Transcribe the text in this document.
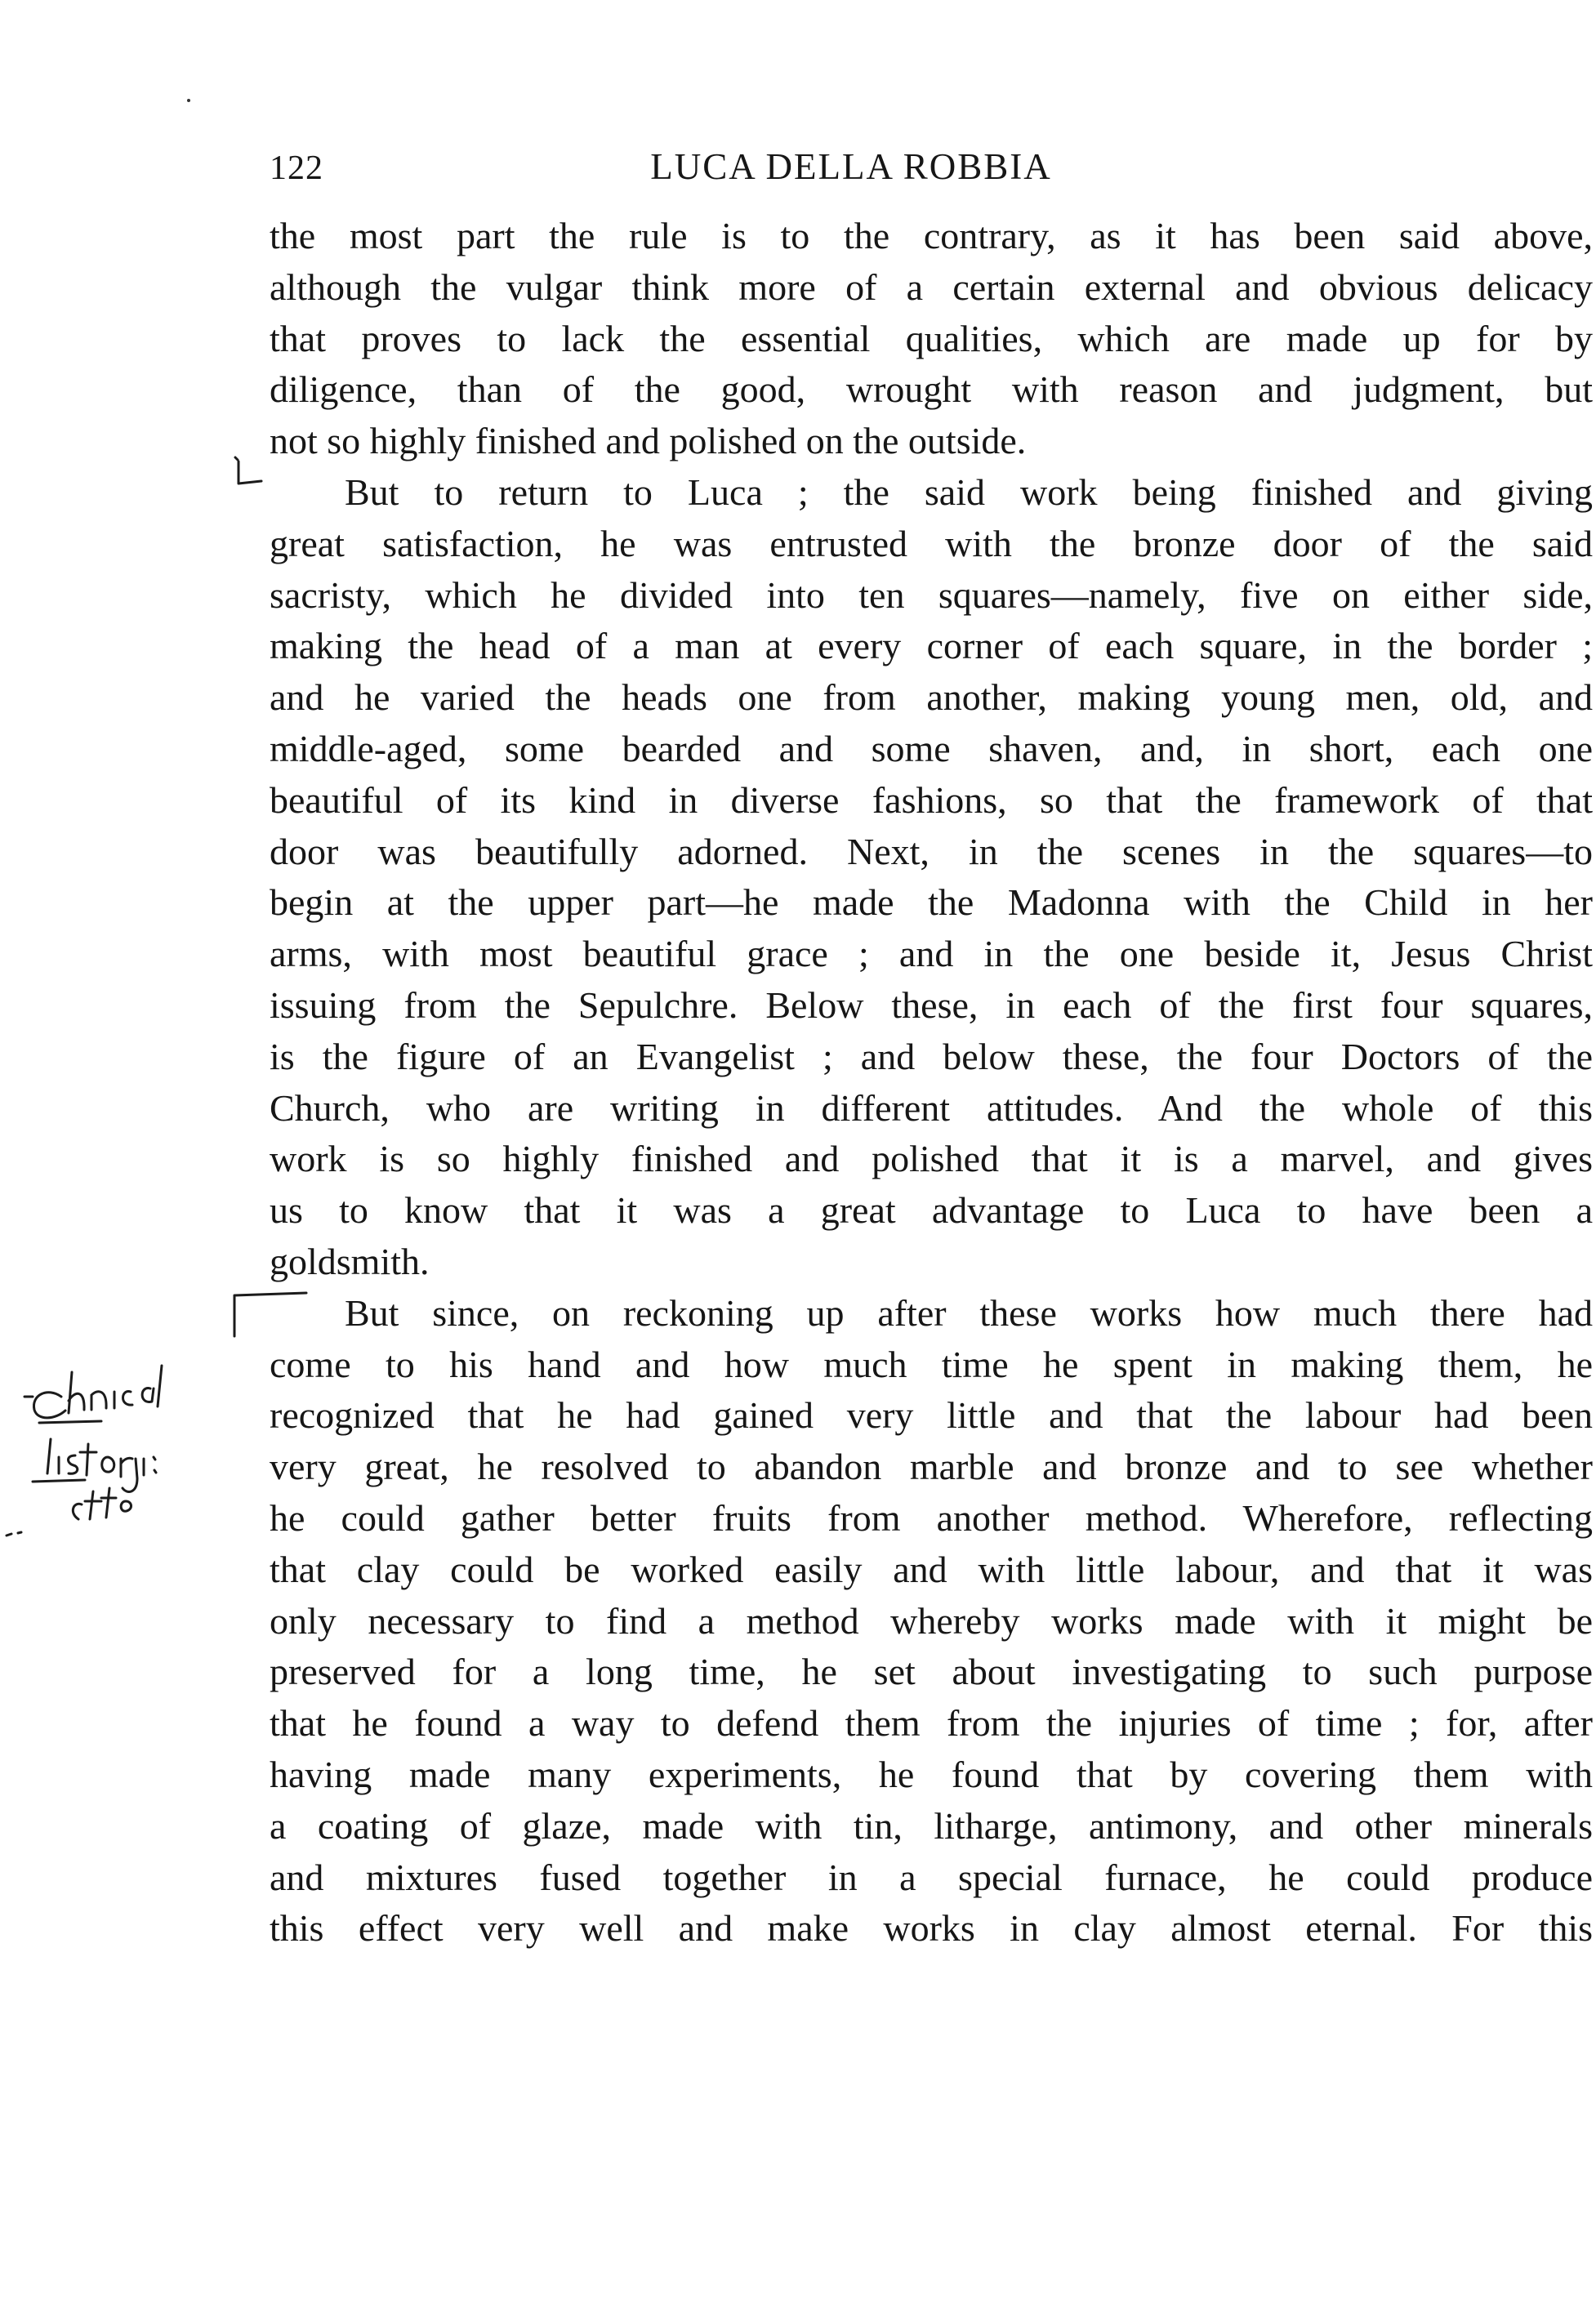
122	LUCA DELLA ROBBIA
the most part the rule is to the contrary, as it has been said above,
although the vulgar think more of a certain external and obvious delicacy
that proves to lack the essential qualities, which are made up for by
diligence, than of the good, wrought with reason and judgment, but
not so highly finished and polished on the outside.
But to return to Luca ; the said work being finished and giving
great satisfaction, he was entrusted with the bronze door of the said
sacristy, which he divided into ten squares—namely, five on either side,
making the head of a man at every corner of each square, in the border ;
and he varied the heads one from another, making young men, old, and
middle-aged, some bearded and some shaven, and, in short, each one
beautiful of its kind in diverse fashions, so that the framework of that
door was beautifully adorned. Next, in the scenes in the squares—to
begin at the upper part—he made the Madonna with the Child in her
arms, with most beautiful grace ; and in the one beside it, Jesus Christ
issuing from the Sepulchre. Below these, in each of the first four squares,
is the figure of an Evangelist ; and below these, the four Doctors of the
Church, who are writing in different attitudes. And the whole of this
work is so highly finished and polished that it is a marvel, and gives
us to know that it was a great advantage to Luca to have been a
goldsmith.
But since, on reckoning up after these works how much there had
come to his hand and how much time he spent in making them, he
recognized that he had gained very little and that the labour had been
very great, he resolved to abandon marble and bronze and to see whether
he could gather better fruits from another method. Wherefore, reflecting
that clay could be worked easily and with little labour, and that it was
only necessary to find a method whereby works made with it might be
preserved for a long time, he set about investigating to such purpose
that he found a way to defend them from the injuries of time ; for, after
having made many experiments, he found that by covering them with
a coating of glaze, made with tin, litharge, antimony, and other minerals
and mixtures fused together in a special furnace, he could produce
this effect very well and make works in clay almost eternal. For this
